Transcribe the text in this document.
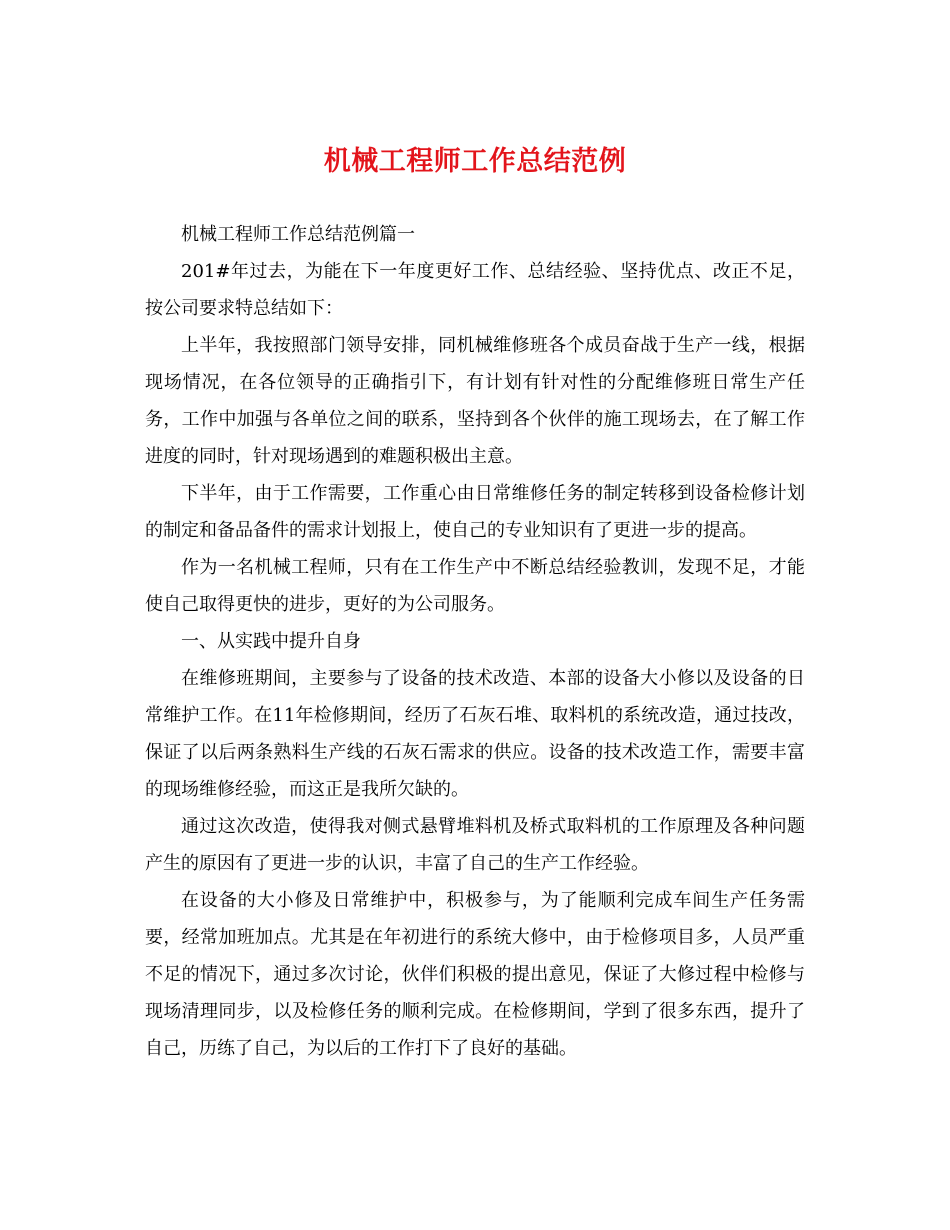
机械工程师工作总结范例

机械工程师工作总结范例篇一

201#年过去，为能在下一年度更好工作、总结经验、坚持优点、改正不足，按公司要求特总结如下：

上半年，我按照部门领导安排，同机械维修班各个成员奋战于生产一线，根据现场情况，在各位领导的正确指引下，有计划有针对性的分配维修班日常生产任务，工作中加强与各单位之间的联系，坚持到各个伙伴的施工现场去，在了解工作进度的同时，针对现场遇到的难题积极出主意。

下半年，由于工作需要，工作重心由日常维修任务的制定转移到设备检修计划的制定和备品备件的需求计划报上，使自己的专业知识有了更进一步的提高。

作为一名机械工程师，只有在工作生产中不断总结经验教训，发现不足，才能使自己取得更快的进步，更好的为公司服务。

一、从实践中提升自身

在维修班期间，主要参与了设备的技术改造、本部的设备大小修以及设备的日常维护工作。在11年检修期间，经历了石灰石堆、取料机的系统改造，通过技改，保证了以后两条熟料生产线的石灰石需求的供应。设备的技术改造工作，需要丰富的现场维修经验，而这正是我所欠缺的。

通过这次改造，使得我对侧式悬臂堆料机及桥式取料机的工作原理及各种问题产生的原因有了更进一步的认识，丰富了自己的生产工作经验。

在设备的大小修及日常维护中，积极参与，为了能顺利完成车间生产任务需要，经常加班加点。尤其是在年初进行的系统大修中，由于检修项目多，人员严重不足的情况下，通过多次讨论，伙伴们积极的提出意见，保证了大修过程中检修与现场清理同步，以及检修任务的顺利完成。在检修期间，学到了很多东西，提升了自己，历练了自己，为以后的工作打下了良好的基础。
